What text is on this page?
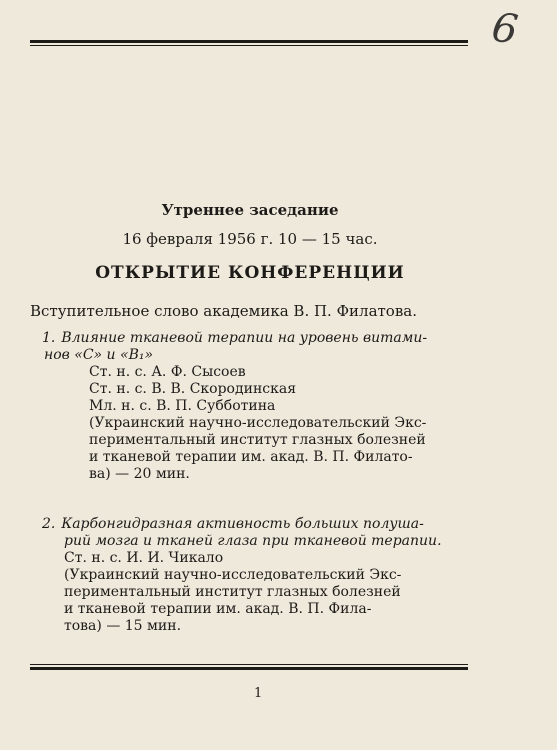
6
Утреннее заседание
16 февраля 1956 г. 10 — 15 час.
ОТКРЫТИЕ КОНФЕРЕНЦИИ
Вступительное слово академика В. П. Филатова.
1. Влияние тканевой терапии на уровень витами-
нов «C» и «B₁»
Ст. н. с. А. Ф. Сысоев
Ст. н. с. В. В. Скородинская
Мл. н. с. В. П. Субботина
(Украинский научно-исследовательский Экс-
периментальный институт глазных болезней
и тканевой терапии им. акад. В. П. Филато-
ва) — 20 мин.
2. Карбонгидразная активность больших полуша-
рий мозга и тканей глаза при тканевой терапии.
Ст. н. с. И. И. Чикало
(Украинский научно-исследовательский Экс-
периментальный институт глазных болезней
и тканевой терапии им. акад. В. П. Фила-
това) — 15 мин.
1
